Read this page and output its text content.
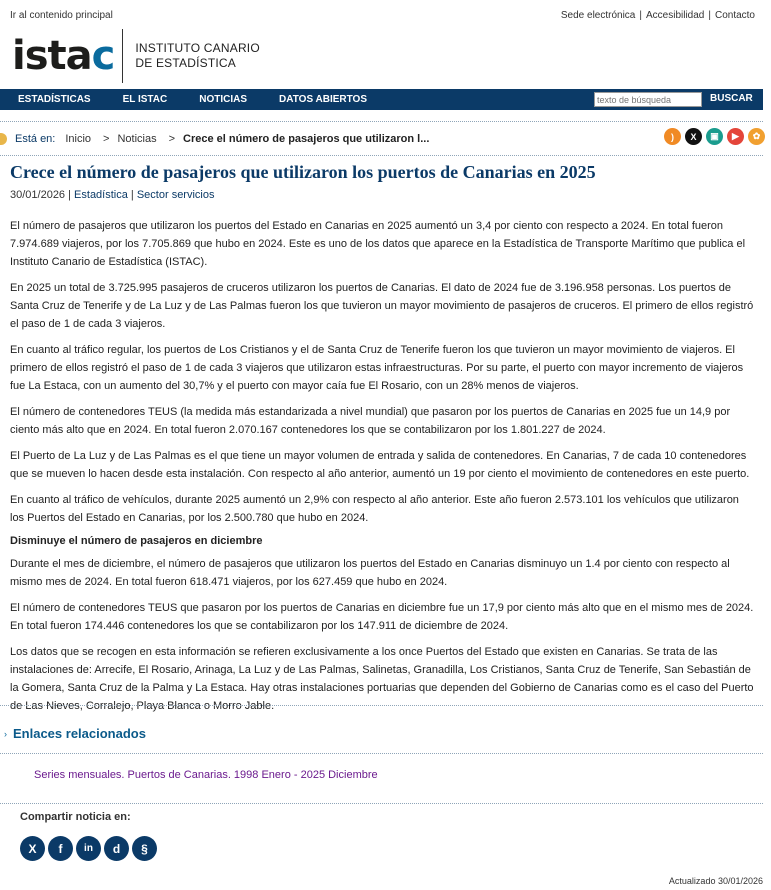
Ir al contenido principal	Sede electrónica | Accesibilidad | Contacto
istac INSTITUTO CANARIO
DE ESTADÍSTICA
ESTADÍSTICAS	EL ISTAC	NOTICIAS	DATOS ABIERTOS
texto de búsqueda	BUSCAR
Está en: Inicio > Noticias > Crece el número de pasajeros que utilizaron l...	)	X	▣	▶	✿
Crece el número de pasajeros que utilizaron los puertos de Canarias en 2025
30/01/2026 | Estadística | Sector servicios

El número de pasajeros que utilizaron los puertos del Estado en Canarias en 2025 aumentó un 3,4 por ciento con respecto a 2024. En total fueron 7.974.689 viajeros, por los 7.705.869 que hubo en 2024. Este es uno de los datos que aparece en la Estadística de Transporte Marítimo que publica el Instituto Canario de Estadística (ISTAC).

En 2025 un total de 3.725.995 pasajeros de cruceros utilizaron los puertos de Canarias. El dato de 2024 fue de 3.196.958 personas. Los puertos de Santa Cruz de Tenerife y de La Luz y de Las Palmas fueron los que tuvieron un mayor movimiento de pasajeros de cruceros. El primero de ellos registró el paso de 1 de cada 3 viajeros.

En cuanto al tráfico regular, los puertos de Los Cristianos y el de Santa Cruz de Tenerife fueron los que tuvieron un mayor movimiento de viajeros. El primero de ellos registró el paso de 1 de cada 3 viajeros que utilizaron estas infraestructuras. Por su parte, el puerto con mayor incremento de viajeros fue La Estaca, con un aumento del 30,7% y el puerto con mayor caía fue El Rosario, con un 28% menos de viajeros.

El número de contenedores TEUS (la medida más estandarizada a nivel mundial) que pasaron por los puertos de Canarias en 2025 fue un 14,9 por ciento más alto que en 2024. En total fueron 2.070.167 contenedores los que se contabilizaron por los 1.801.227 de 2024.

El Puerto de La Luz y de Las Palmas es el que tiene un mayor volumen de entrada y salida de contenedores. En Canarias, 7 de cada 10 contenedores que se mueven lo hacen desde esta instalación. Con respecto al año anterior, aumentó un 19 por ciento el movimiento de contenedores en este puerto.

En cuanto al tráfico de vehículos, durante 2025 aumentó un 2,9% con respecto al año anterior. Este año fueron 2.573.101 los vehículos que utilizaron los Puertos del Estado en Canarias, por los 2.500.780 que hubo en 2024.

Disminuye el número de pasajeros en diciembre

Durante el mes de diciembre, el número de pasajeros que utilizaron los puertos del Estado en Canarias disminuyo un 1.4 por ciento con respecto al mismo mes de 2024. En total fueron 618.471 viajeros, por los 627.459 que hubo en 2024.

El número de contenedores TEUS que pasaron por los puertos de Canarias en diciembre fue un 17,9 por ciento más alto que en el mismo mes de 2024. En total fueron 174.446 contenedores los que se contabilizaron por los 147.911 de diciembre de 2024.

Los datos que se recogen en esta información se refieren exclusivamente a los once Puertos del Estado que existen en Canarias. Se trata de las instalaciones de: Arrecife, El Rosario, Arinaga, La Luz y de Las Palmas, Salinetas, Granadilla, Los Cristianos, Santa Cruz de Tenerife, San Sebastián de la Gomera, Santa Cruz de la Palma y La Estaca. Hay otras instalaciones portuarias que dependen del Gobierno de Canarias como es el caso del Puerto de Las Nieves, Corralejo, Playa Blanca o Morro Jable.

› Enlaces relacionados
Series mensuales. Puertos de Canarias. 1998 Enero - 2025 Diciembre
Compartir noticia en:
X	f	in	d	§
Actualizado 30/01/2026
